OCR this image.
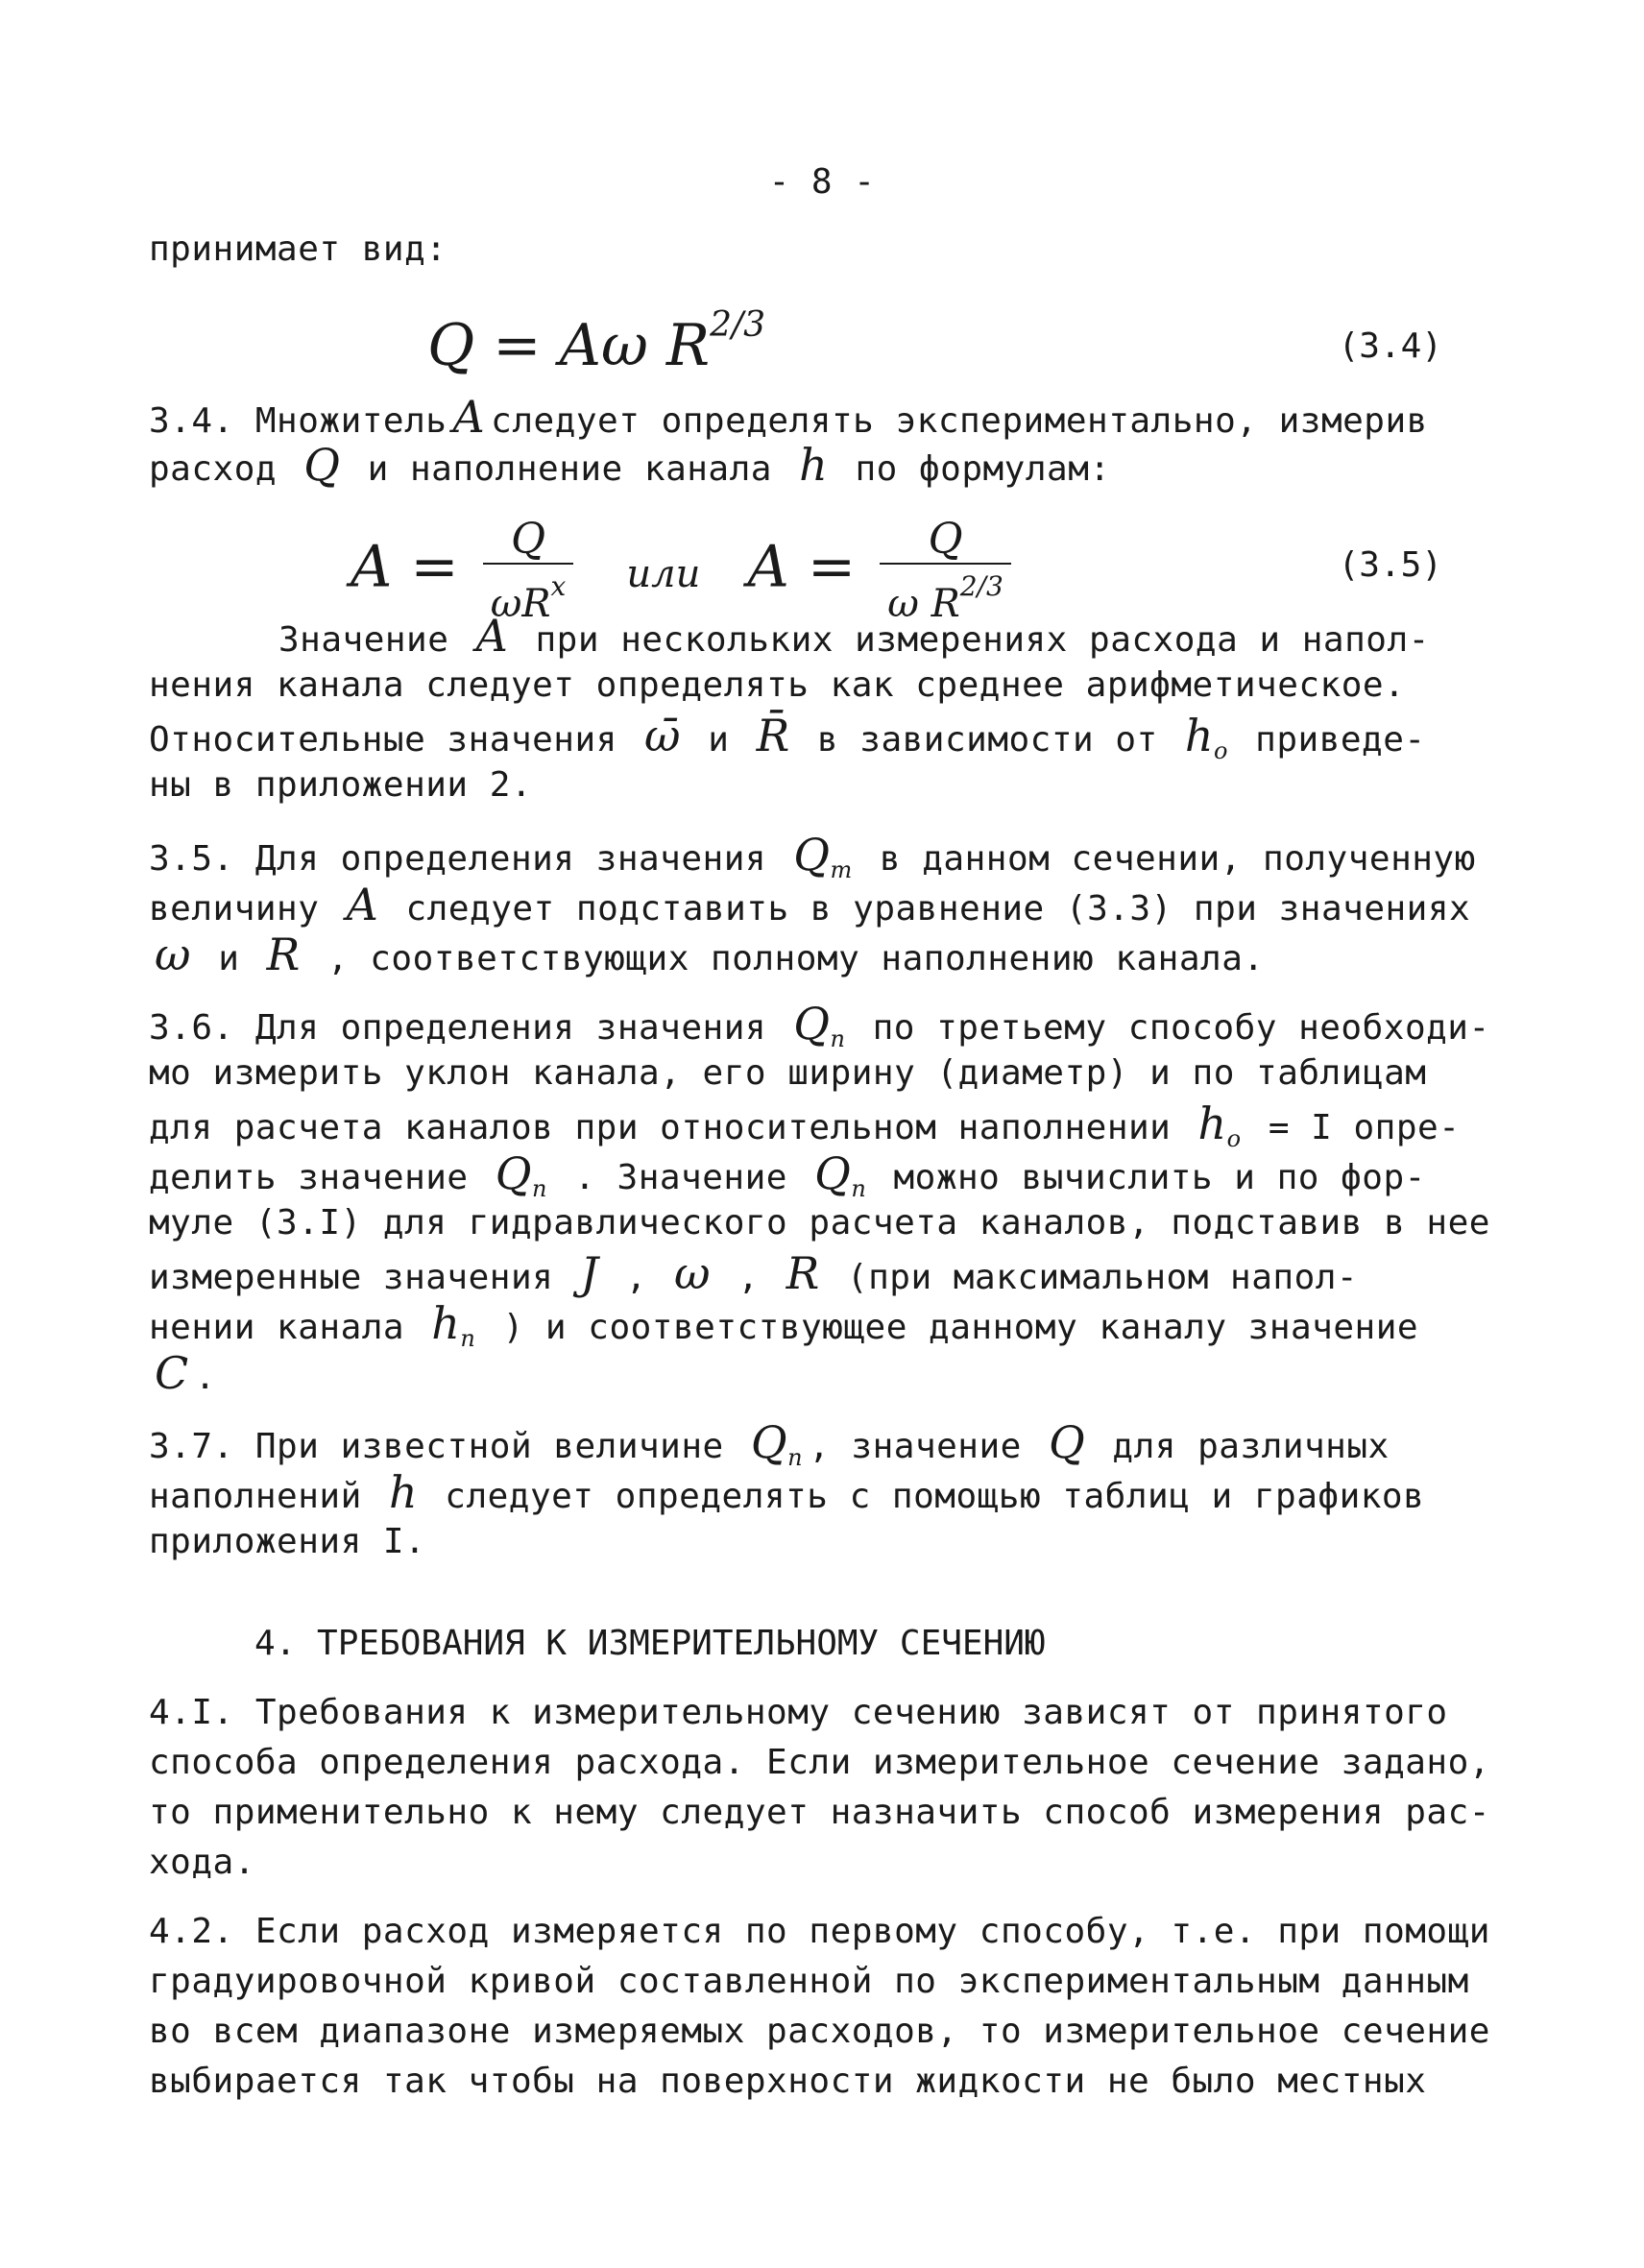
- 8 -
принимает вид:
Q = Aω $R^{2/3}$
(3.4)
3.4. Множитель A следует определять экспериментально, измерив
расход Q и наполнение канала h по формулам:
$A = \frac{Q}{\omega R^x}$ или $A = \frac{Q}{\omega R^{2/3}}$	(3.5)
Значение A при нескольких измерениях расхода и напол-
нения канала следует определять как среднее арифметическое.
Относительные значения ω̄ и R̄ в зависимости от $h_o$ приведе-
ны в приложении 2.
3.5. Для определения значения $Q_т$ в данном сечении, полученную
величину A следует подставить в уравнение (3.3) при значениях
ω и R , соответствующих полному наполнению канала.
3.6. Для определения значения $Q_п$ по третьему способу необходи-
мо измерить уклон канала, его ширину (диаметр) и по таблицам
для расчета каналов при относительном наполнении $h_o = I$ опре-
делить значение $Q_п$ . Значение $Q_п$ можно вычислить и по фор-
муле (3.I) для гидравлического расчета каналов, подставив в нее
измеренные значения J , ω , R (при максимальном напол-
нении канала $h_п$ ) и соответствующее данному каналу значение
C .
3.7. При известной величине $Q_п$ , значение Q для различных
наполнений h следует определять с помощью таблиц и графиков
приложения I.
4. ТРЕБОВАНИЯ К ИЗМЕРИТЕЛЬНОМУ СЕЧЕНИЮ
4.I. Требования к измерительному сечению зависят от принятого
способа определения расхода. Если измерительное сечение задано,
то применительно к нему следует назначить способ измерения рас-
хода.
4.2. Если расход измеряется по первому способу, т.е. при помощи
градуировочной кривой составленной по экспериментальным данным
во всем диапазоне измеряемых расходов, то измерительное сечение
выбирается так чтобы на поверхности жидкости не было местных
